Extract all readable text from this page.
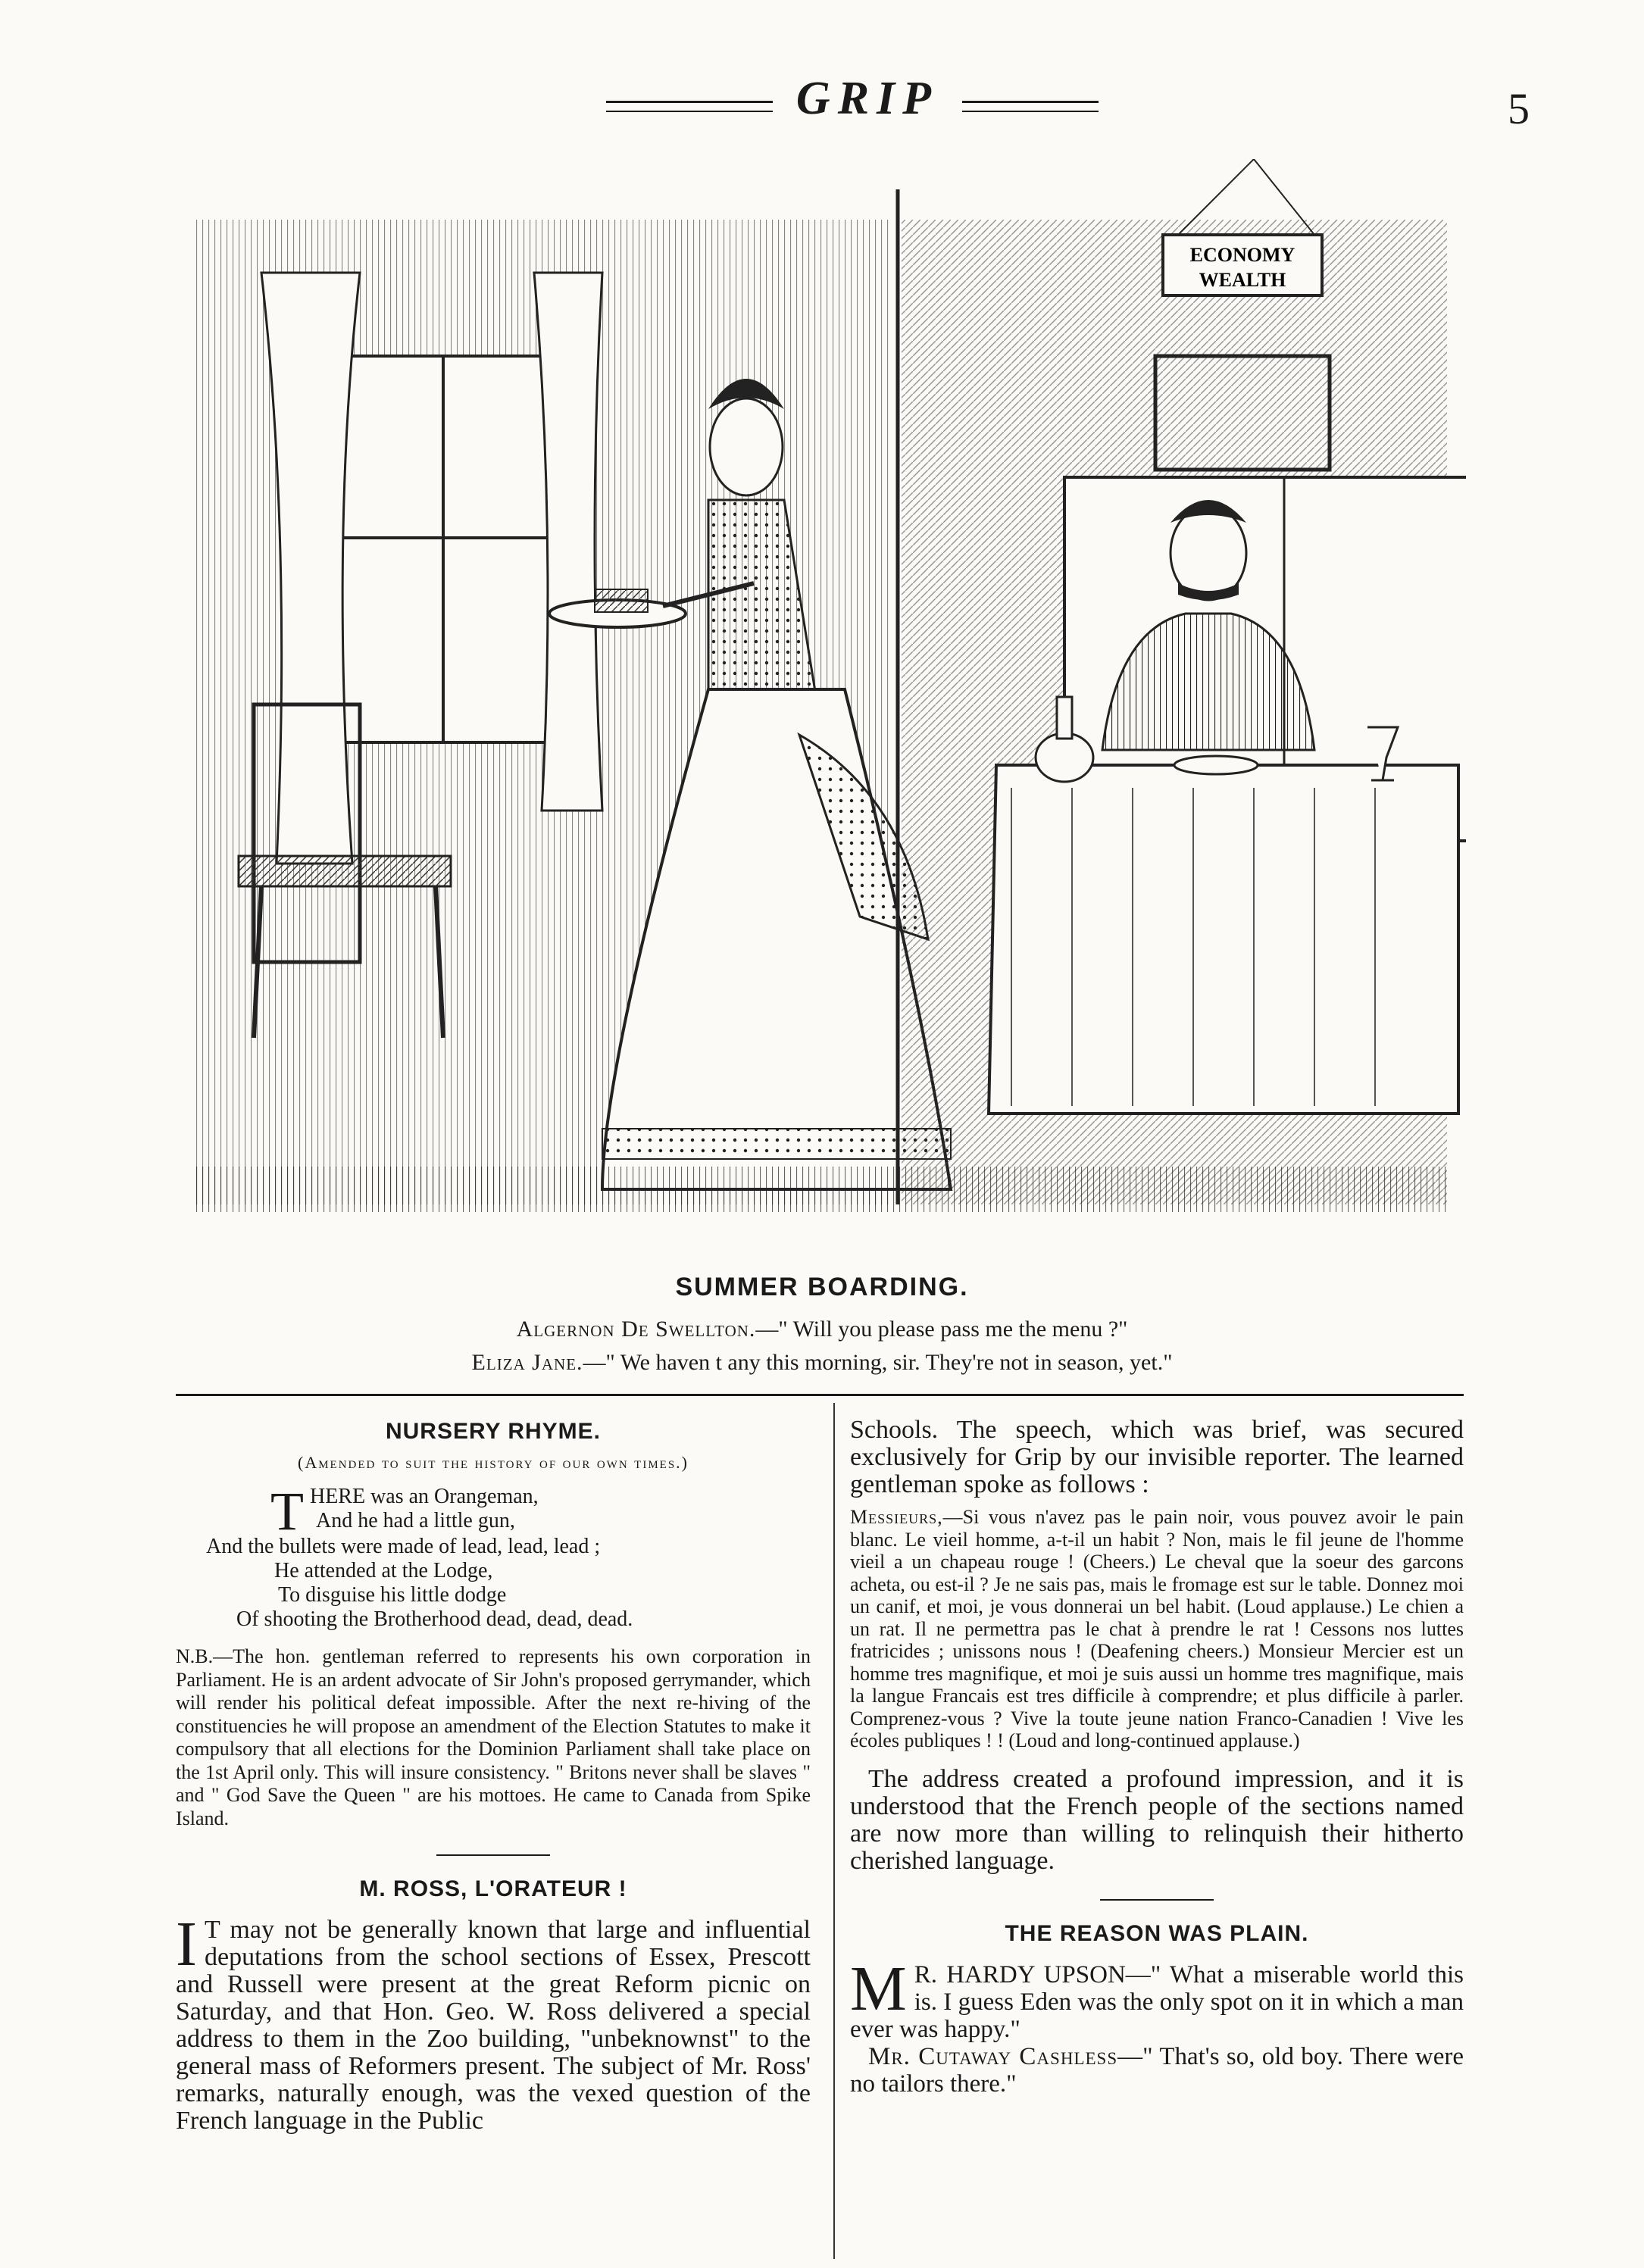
GRIP	5
ECONOMY
WEALTH
SUMMER BOARDING.
Algernon De Swellton.—" Will you please pass me the menu ?"
Eliza Jane.—" We haven t any this morning, sir. They're not in season, yet."
NURSERY RHYME.
(Amended to suit the history of our own times.)
THERE was an Orangeman,
And he had a little gun,
And the bullets were made of lead, lead, lead ;
He attended at the Lodge,
To disguise his little dodge
Of shooting the Brotherhood dead, dead, dead.

N.B.—The hon. gentleman referred to represents his own corporation in Parliament. He is an ardent advocate of Sir John's proposed gerrymander, which will render his political defeat impossible. After the next re-hiving of the constituencies he will propose an amendment of the Election Statutes to make it compulsory that all elections for the Dominion Parliament shall take place on the 1st April only. This will insure consistency. " Britons never shall be slaves " and " God Save the Queen " are his mottoes. He came to Canada from Spike Island.

M. ROSS, L'ORATEUR !

I T may not be generally known that large and influential deputations from the school sections of Essex, Prescott and Russell were present at the great Reform picnic on Saturday, and that Hon. Geo. W. Ross delivered a special address to them in the Zoo building, "unbeknownst" to the general mass of Reformers present. The subject of Mr. Ross' remarks, naturally enough, was the vexed question of the French language in the Public

Schools. The speech, which was brief, was secured exclusively for Grip by our invisible reporter. The learned gentleman spoke as follows :

Messieurs,—Si vous n'avez pas le pain noir, vous pouvez avoir le pain blanc. Le vieil homme, a-t-il un habit ? Non, mais le fil jeune de l'homme vieil a un chapeau rouge ! (Cheers.) Le cheval que la soeur des garcons acheta, ou est-il ? Je ne sais pas, mais le fromage est sur le table. Donnez moi un canif, et moi, je vous donnerai un bel habit. (Loud applause.) Le chien a un rat. Il ne permettra pas le chat à prendre le rat ! Cessons nos luttes fratricides ; unissons nous ! (Deafening cheers.) Monsieur Mercier est un homme tres magnifique, et moi je suis aussi un homme tres magnifique, mais la langue Francais est tres difficile à comprendre; et plus difficile à parler. Comprenez-vous ? Vive la toute jeune nation Franco-Canadien ! Vive les écoles publiques ! ! (Loud and long-continued applause.)

The address created a profound impression, and it is understood that the French people of the sections named are now more than willing to relinquish their hitherto cherished language.

THE REASON WAS PLAIN.

M R. HARDY UPSON—" What a miserable world this is. I guess Eden was the only spot on it in which a man ever was happy."

Mr. Cutaway Cashless—" That's so, old boy. There were no tailors there."
